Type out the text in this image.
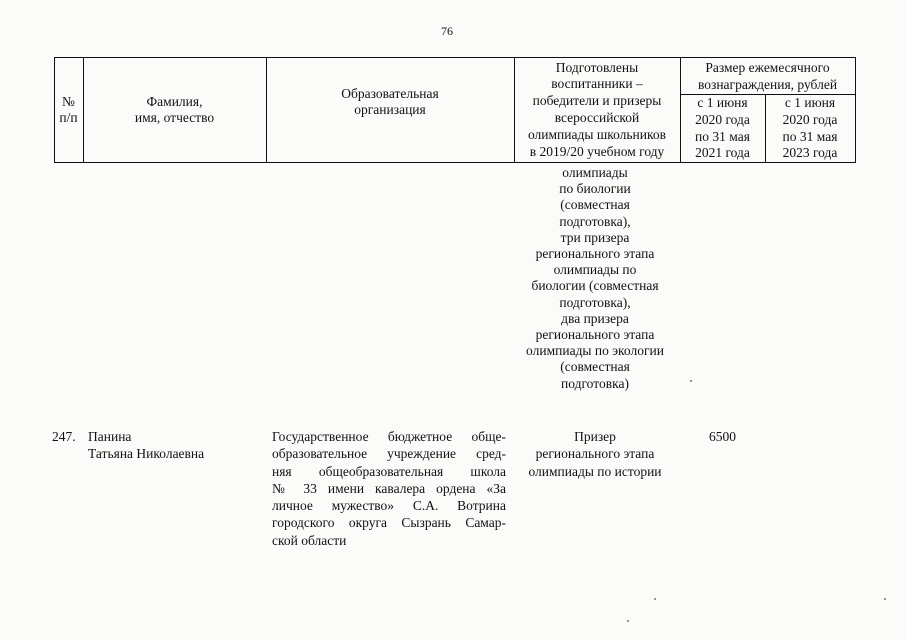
76
№
п/п
Фамилия,
имя, отчество
Образовательная
организация
Подготовлены
воспитанники –
победители и призеры
всероссийской
олимпиады школьников
в 2019/20 учебном году
Размер ежемесячного
вознаграждения, рублей
с 1 июня
2020 года
по 31 мая
2021 года
с 1 июня
2020 года
по 31 мая
2023 года
олимпиады
по биологии
(совместная
подготовка),
три призера
регионального этапа
олимпиады по
биологии (совместная
подготовка),
два призера
регионального этапа
олимпиады по экологии
(совместная
подготовка)
247. Панина
Татьяна Николаевна
Государственное бюджетное обще-
образовательное учреждение сред-
няя общеобразовательная школа
№ 33 имени кавалера ордена «За
личное мужество» С.А. Вотрина
городского округа Сызрань Самар-
ской области
Призер
регионального этапа
олимпиады по истории
6500
